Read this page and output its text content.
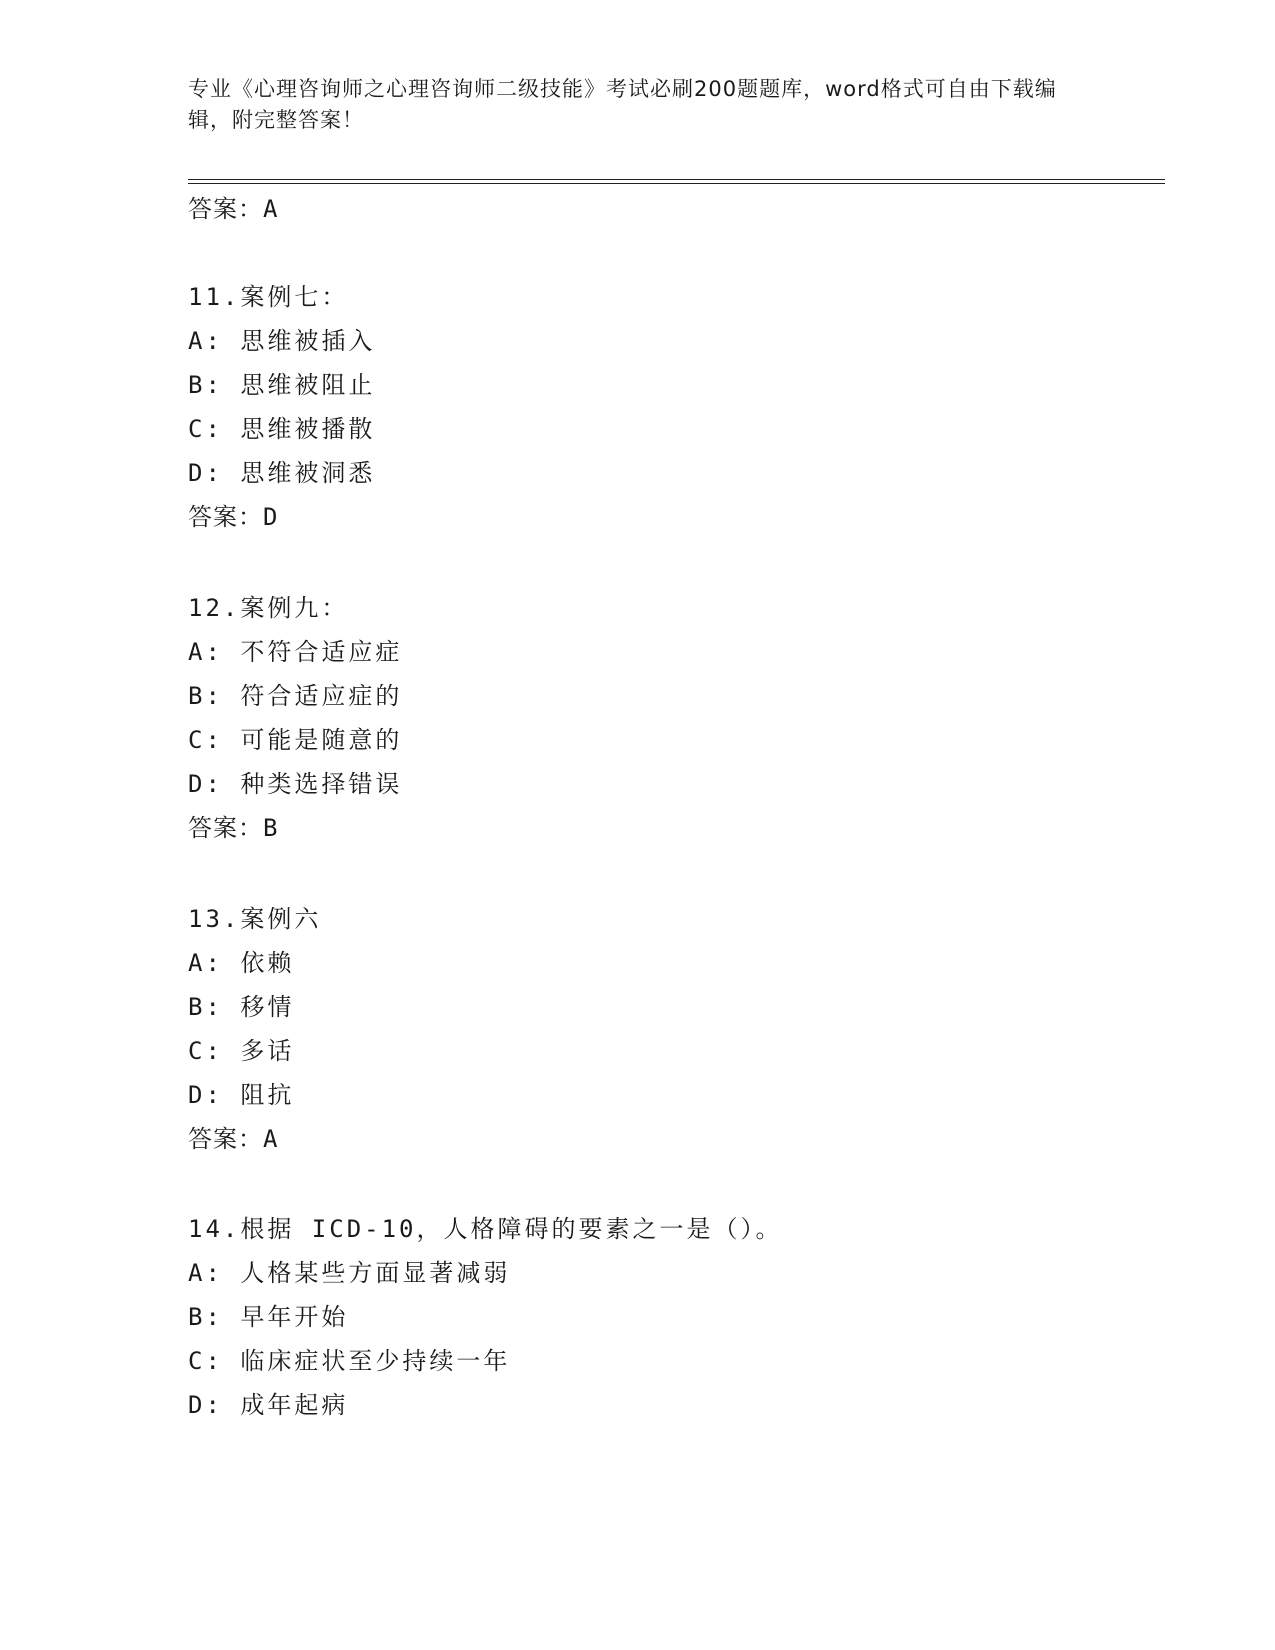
专业《心理咨询师之心理咨询师二级技能》考试必刷200题题库，word格式可自由下载编辑，附完整答案！
答案：A
11.案例七：
A: 思维被插入
B: 思维被阻止
C: 思维被播散
D: 思维被洞悉
答案：D
12.案例九：
A: 不符合适应症
B: 符合适应症的
C: 可能是随意的
D: 种类选择错误
答案：B
13.案例六
A: 依赖
B: 移情
C: 多话
D: 阻抗
答案：A
14.根据 ICD-10，人格障碍的要素之一是（）。
A: 人格某些方面显著减弱
B: 早年开始
C: 临床症状至少持续一年
D: 成年起病
